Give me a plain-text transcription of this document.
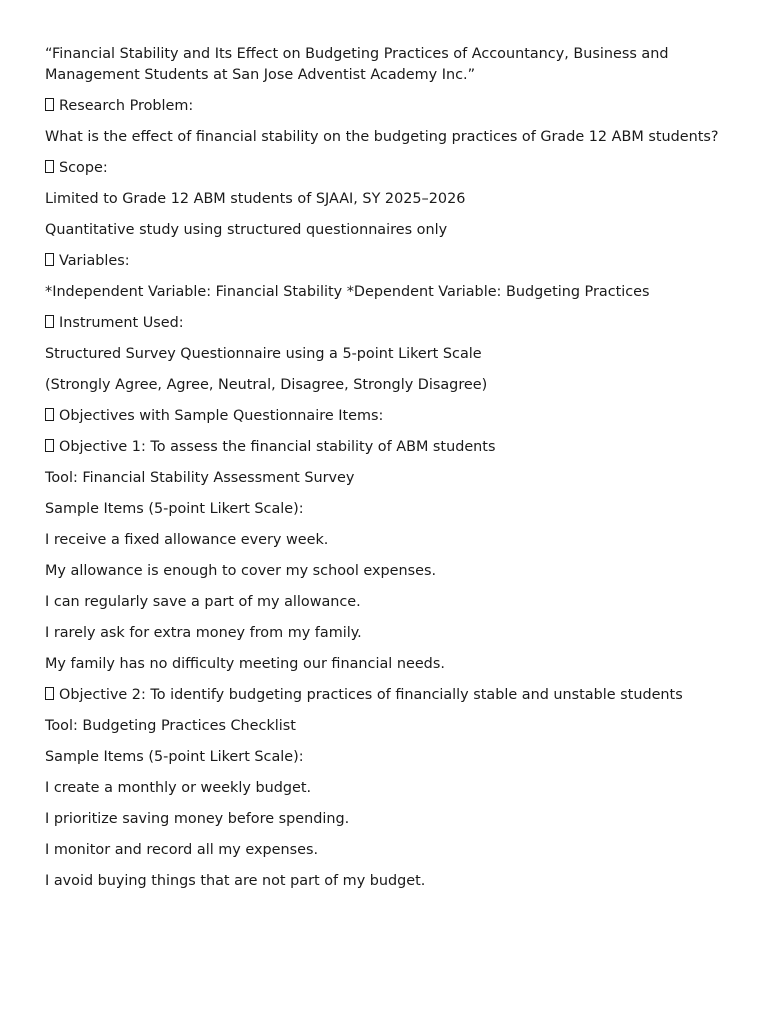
“Financial Stability and Its Effect on Budgeting Practices of Accountancy, Business and Management Students at San Jose Adventist Academy Inc.”

Research Problem:

What is the effect of financial stability on the budgeting practices of Grade 12 ABM students?

Scope:

Limited to Grade 12 ABM students of SJAAI, SY 2025–2026

Quantitative study using structured questionnaires only

Variables:

*Independent Variable: Financial Stability *Dependent Variable: Budgeting Practices

Instrument Used:

Structured Survey Questionnaire using a 5-point Likert Scale

(Strongly Agree, Agree, Neutral, Disagree, Strongly Disagree)

Objectives with Sample Questionnaire Items:

Objective 1: To assess the financial stability of ABM students

Tool: Financial Stability Assessment Survey

Sample Items (5-point Likert Scale):

I receive a fixed allowance every week.

My allowance is enough to cover my school expenses.

I can regularly save a part of my allowance.

I rarely ask for extra money from my family.

My family has no difficulty meeting our financial needs.

Objective 2: To identify budgeting practices of financially stable and unstable students

Tool: Budgeting Practices Checklist

Sample Items (5-point Likert Scale):

I create a monthly or weekly budget.

I prioritize saving money before spending.

I monitor and record all my expenses.

I avoid buying things that are not part of my budget.
